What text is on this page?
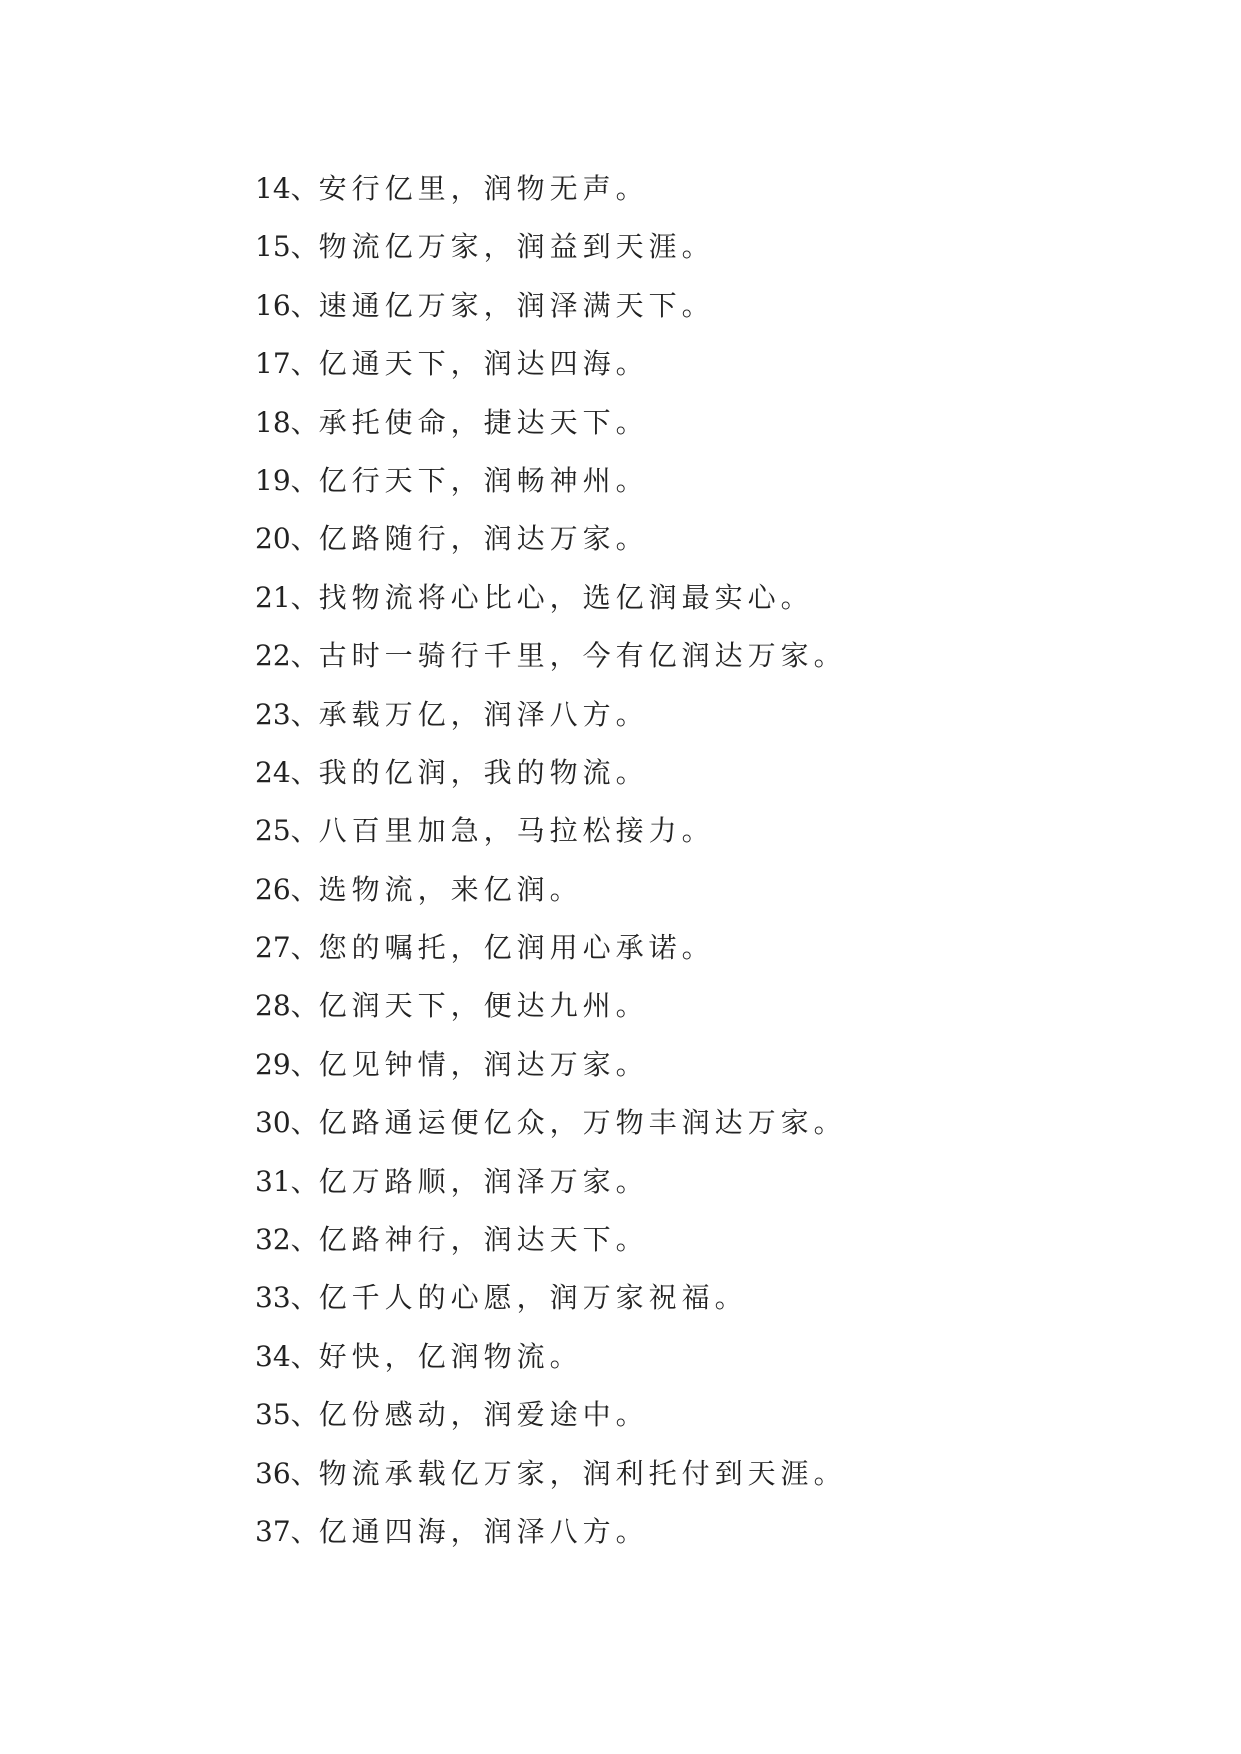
14、安行亿里，润物无声。
15、物流亿万家，润益到天涯。
16、速通亿万家，润泽满天下。
17、亿通天下，润达四海。
18、承托使命，捷达天下。
19、亿行天下，润畅神州。
20、亿路随行，润达万家。
21、找物流将心比心，选亿润最实心。
22、古时一骑行千里，今有亿润达万家。
23、承载万亿，润泽八方。
24、我的亿润，我的物流。
25、八百里加急，马拉松接力。
26、选物流，来亿润。
27、您的嘱托，亿润用心承诺。
28、亿润天下，便达九州。
29、亿见钟情，润达万家。
30、亿路通运便亿众，万物丰润达万家。
31、亿万路顺，润泽万家。
32、亿路神行，润达天下。
33、亿千人的心愿，润万家祝福。
34、好快，亿润物流。
35、亿份感动，润爱途中。
36、物流承载亿万家，润利托付到天涯。
37、亿通四海，润泽八方。
